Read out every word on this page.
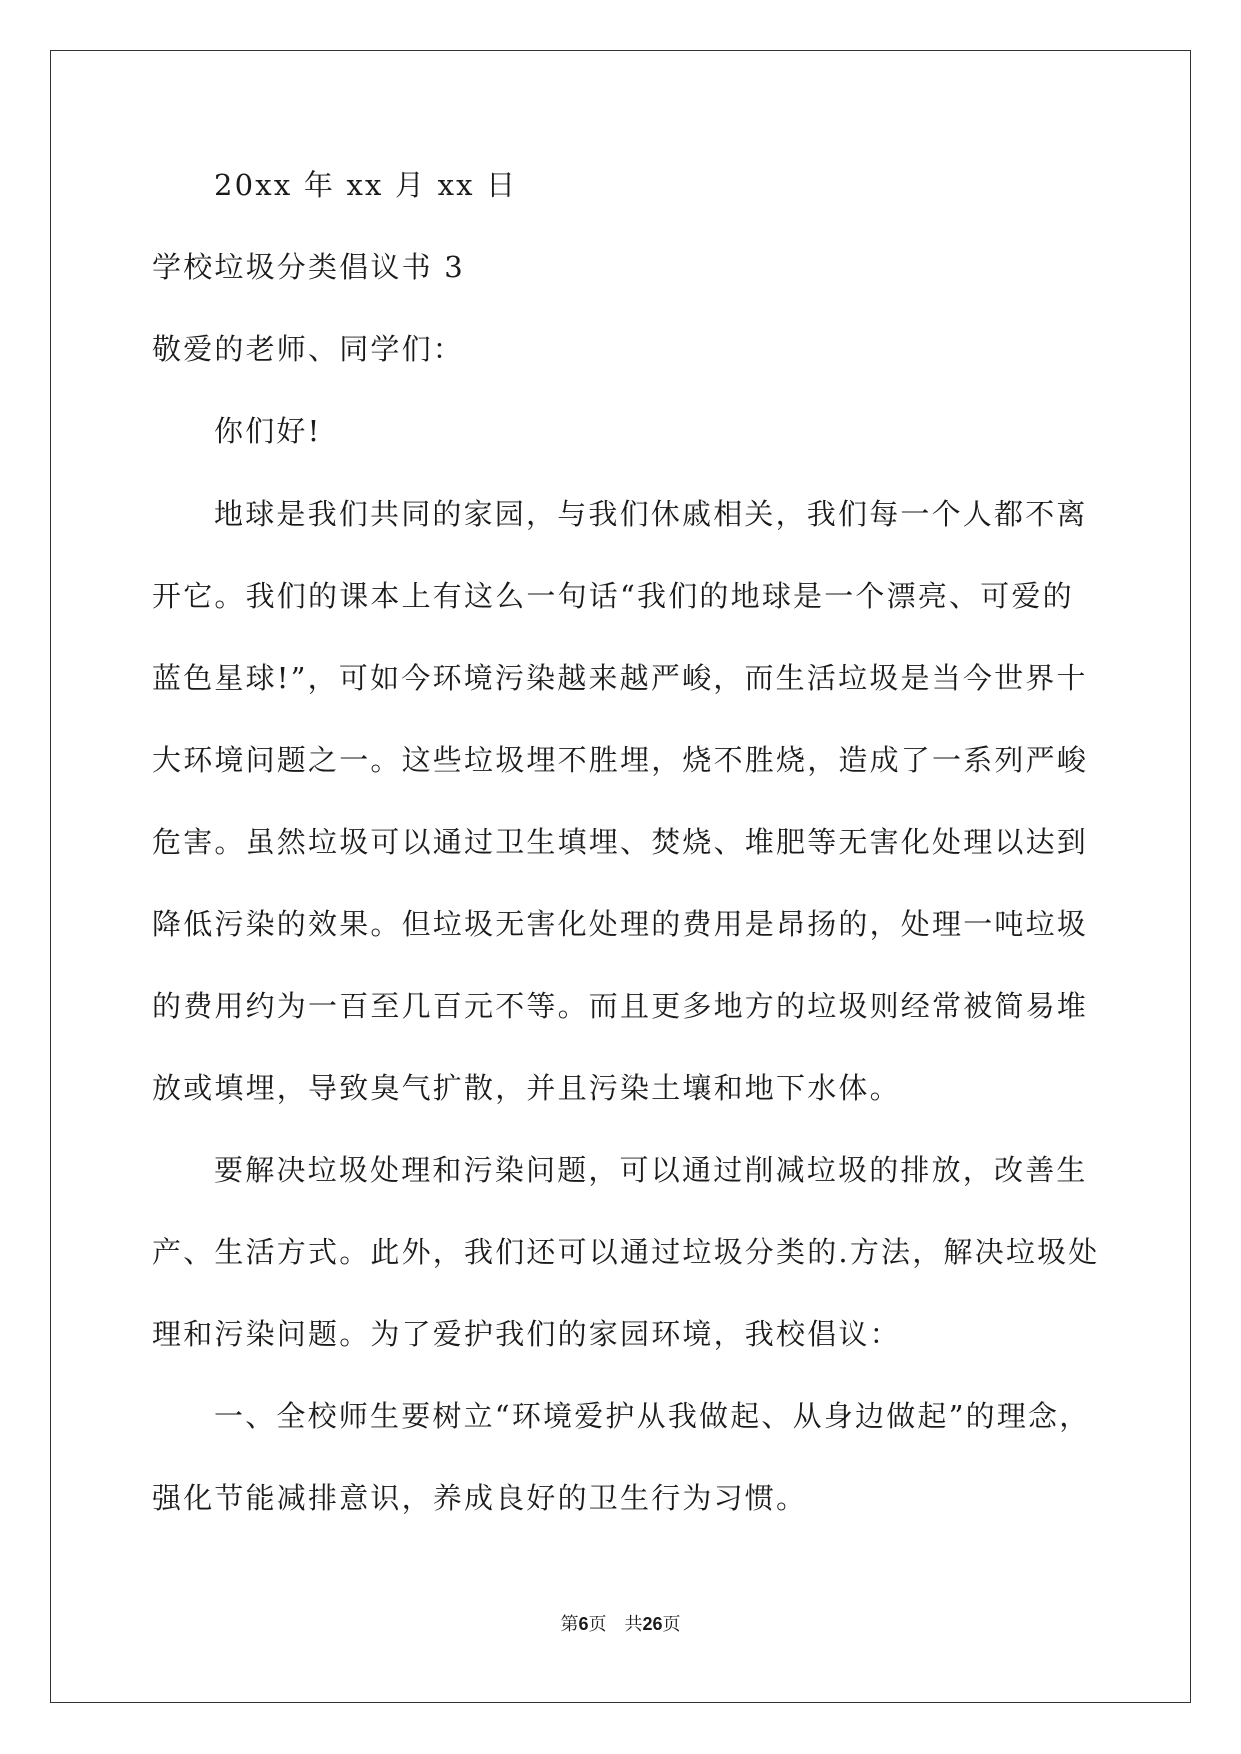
20xx 年 xx 月 xx 日
学校垃圾分类倡议书 3
敬爱的老师、同学们：
你们好!
地球是我们共同的家园，与我们休戚相关，我们每一个人都不离
开它。我们的课本上有这么一句话“我们的地球是一个漂亮、可爱的
蓝色星球!”，可如今环境污染越来越严峻，而生活垃圾是当今世界十
大环境问题之一。这些垃圾埋不胜埋，烧不胜烧，造成了一系列严峻
危害。虽然垃圾可以通过卫生填埋、焚烧、堆肥等无害化处理以达到
降低污染的效果。但垃圾无害化处理的费用是昂扬的，处理一吨垃圾
的费用约为一百至几百元不等。而且更多地方的垃圾则经常被简易堆
放或填埋，导致臭气扩散，并且污染土壤和地下水体。
要解决垃圾处理和污染问题，可以通过削减垃圾的排放，改善生
产、生活方式。此外，我们还可以通过垃圾分类的.方法，解决垃圾处
理和污染问题。为了爱护我们的家园环境，我校倡议：
一、全校师生要树立“环境爱护从我做起、从身边做起”的理念，
强化节能减排意识，养成良好的卫生行为习惯。
第6页 共26页
